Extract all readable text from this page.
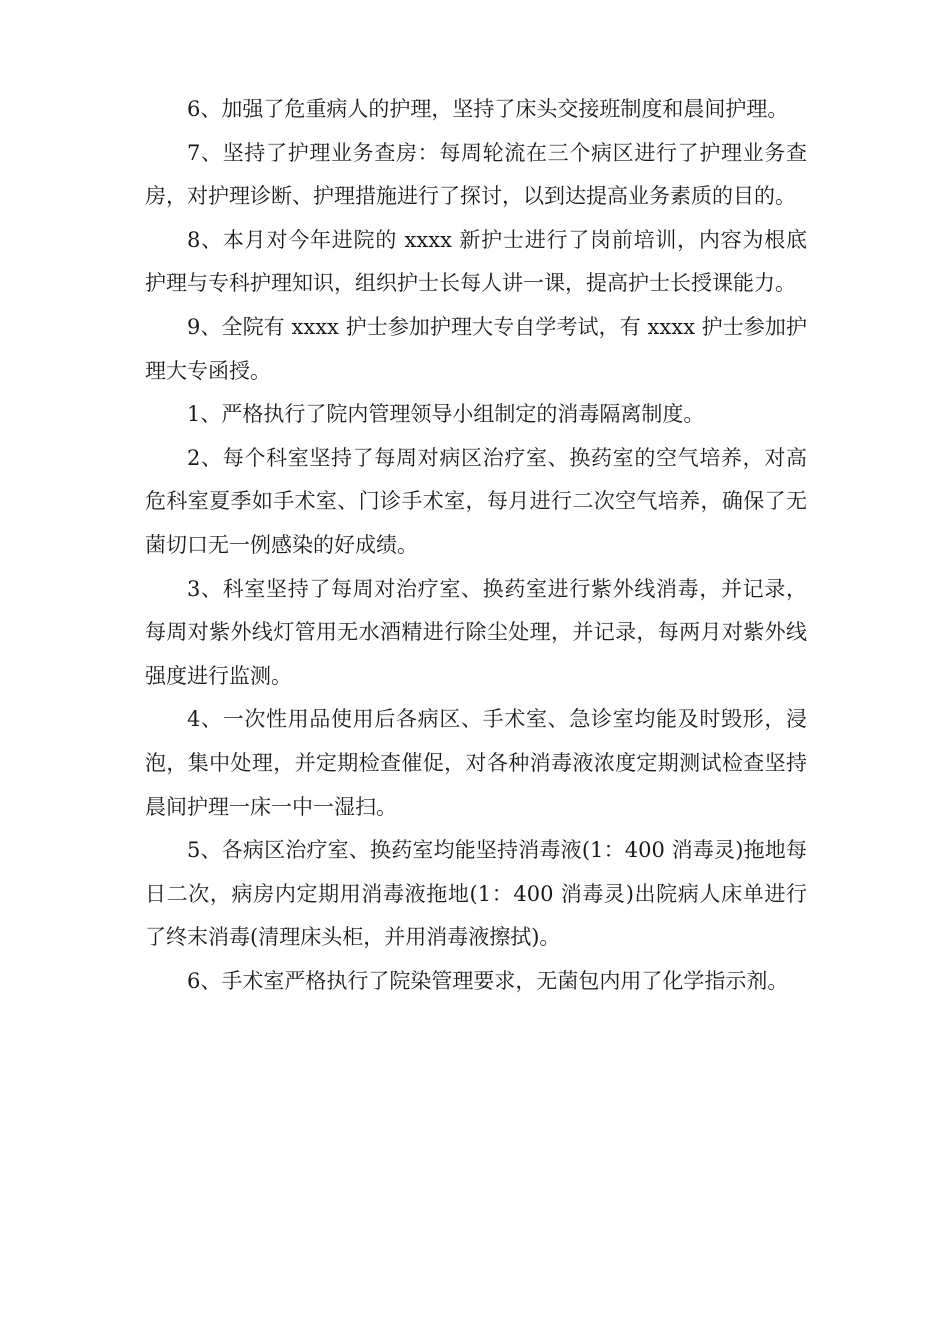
6、加强了危重病人的护理，坚持了床头交接班制度和晨间护理。

7、坚持了护理业务查房：每周轮流在三个病区进行了护理业务查房，对护理诊断、护理措施进行了探讨，以到达提高业务素质的目的。

8、本月对今年进院的 xxxx 新护士进行了岗前培训，内容为根底护理与专科护理知识，组织护士长每人讲一课，提高护士长授课能力。

9、全院有 xxxx 护士参加护理大专自学考试，有 xxxx 护士参加护理大专函授。

1、严格执行了院内管理领导小组制定的消毒隔离制度。

2、每个科室坚持了每周对病区治疗室、换药室的空气培养，对高危科室夏季如手术室、门诊手术室，每月进行二次空气培养，确保了无菌切口无一例感染的好成绩。

3、科室坚持了每周对治疗室、换药室进行紫外线消毒，并记录，每周对紫外线灯管用无水酒精进行除尘处理，并记录，每两月对紫外线强度进行监测。

4、一次性用品使用后各病区、手术室、急诊室均能及时毁形，浸泡，集中处理，并定期检查催促，对各种消毒液浓度定期测试检查坚持晨间护理一床一中一湿扫。

5、各病区治疗室、换药室均能坚持消毒液(1：400 消毒灵)拖地每日二次，病房内定期用消毒液拖地(1：400 消毒灵)出院病人床单进行了终末消毒(清理床头柜，并用消毒液擦拭)。

6、手术室严格执行了院染管理要求，无菌包内用了化学指示剂。
